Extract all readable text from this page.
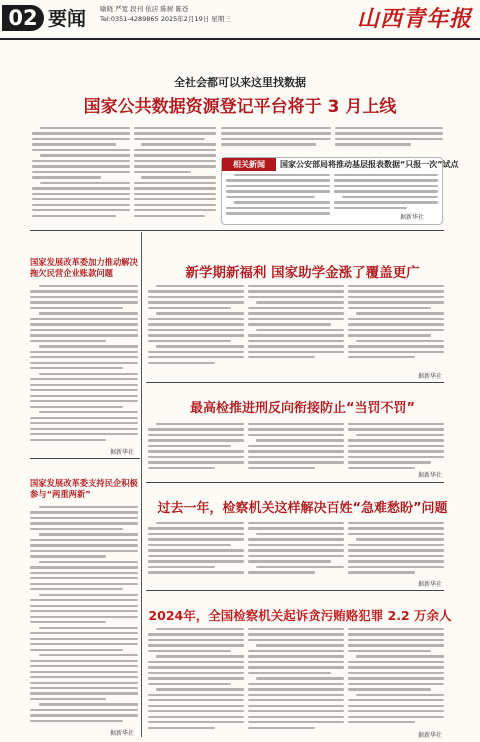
02 要闻 喻晓 严宽 段刊 依店 陈树 陈苍
Tel:0351-4289865 2025年2月19日 星期三	山西青年报
全社会都可以来这里找数据
国家公共数据资源登记平台将于 3 月上线
相关新闻	国家公安部局将推动基层报表数据“只报一次”试点
据新华社
国家发展改革委加力推动解决拖欠民营企业账款问题
据新华社
国家发展改革委支持民企积极参与“两重两新”
据新华社
新学期新福利 国家助学金涨了覆盖更广
据新华社
最高检推进刑反向衔接防止“当罚不罚”
据新华社
过去一年，检察机关这样解决百姓“急难愁盼”问题
据新华社
2024年，全国检察机关起诉贪污贿赂犯罪 2.2 万余人
据新华社
